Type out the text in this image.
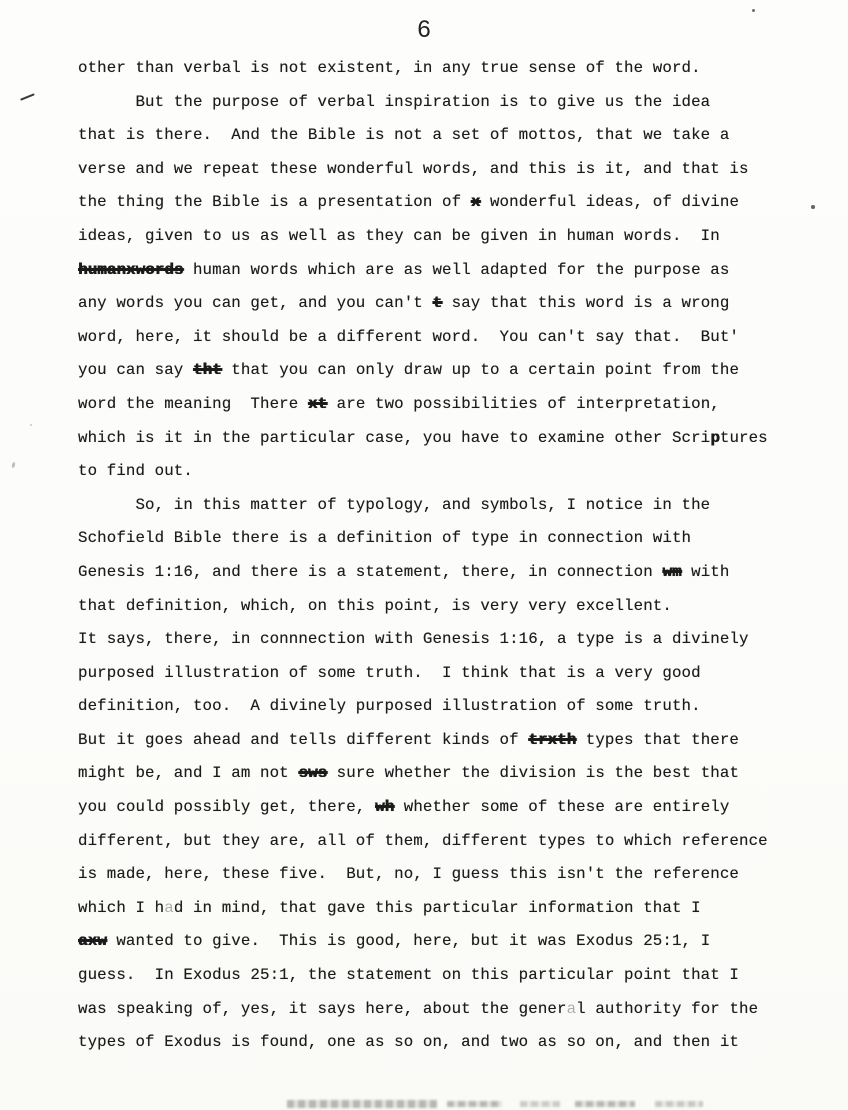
6
other than verbal is not existent, in any true sense of the word.
But the purpose of verbal inspiration is to give us the idea
that is there.  And the Bible is not a set of mottos, that we take a
verse and we repeat these wonderful words, and this is it, and that is
the thing the Bible is a presentation of x wonderful ideas, of divine
ideas, given to us as well as they can be given in human words.  In
humanxwords human words which are as well adapted for the purpose as
any words you can get, and you can't t say that this word is a wrong
word, here, it should be a different word.  You can't say that.  But'
you can say tht that you can only draw up to a certain point from the
word the meaning  There xt are two possibilities of interpretation,
which is it in the particular case, you have to examine other Scriptures
to find out.
So, in this matter of typology, and symbols, I notice in the
Schofield Bible there is a definition of type in connection with
Genesis 1:16, and there is a statement, there, in connection wm with
that definition, which, on this point, is very very excellent.
It says, there, in connnection with Genesis 1:16, a type is a divinely
purposed illustration of some truth.  I think that is a very good
definition, too.  A divinely purposed illustration of some truth.
But it goes ahead and tells different kinds of trxth types that there
might be, and I am not sws sure whether the division is the best that
you could possibly get, there, wh whether some of these are entirely
different, but they are, all of them, different types to which reference
is made, here, these five.  But, no, I guess this isn't the reference
which I had in mind, that gave this particular information that I
axw wanted to give.  This is good, here, but it was Exodus 25:1, I
guess.  In Exodus 25:1, the statement on this particular point that I
was speaking of, yes, it says here, about the general authority for the
types of Exodus is found, one as so on, and two as so on, and then it
